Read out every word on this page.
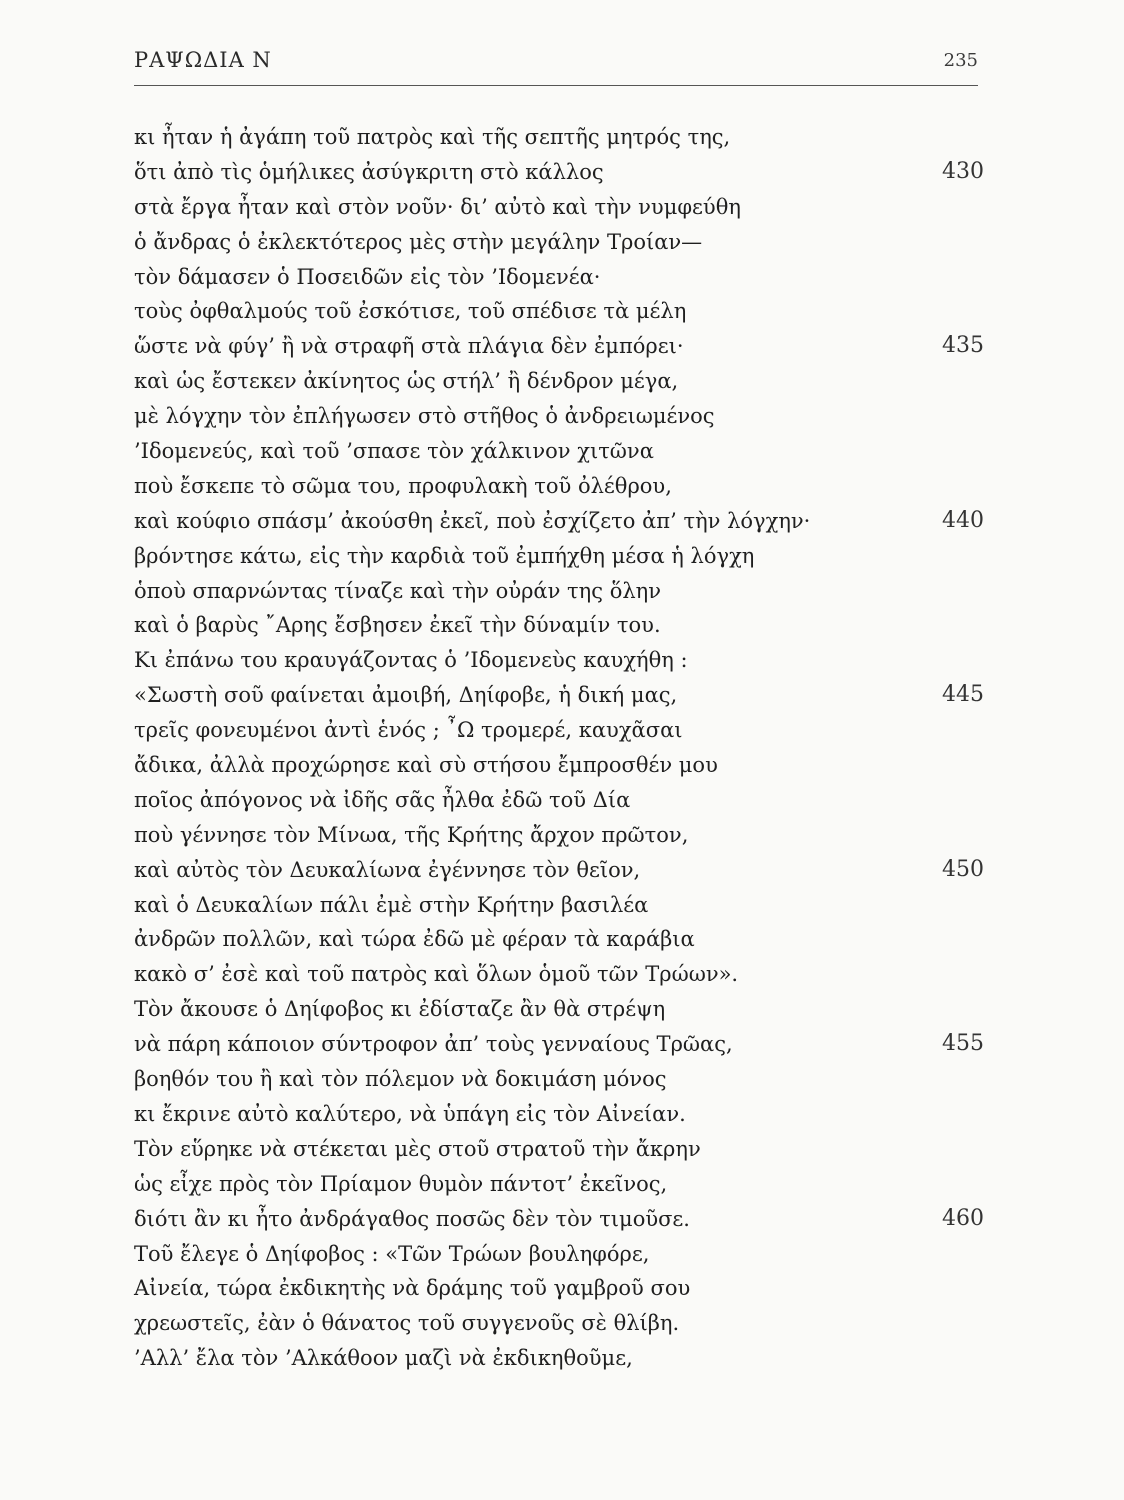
ΡΑΨΩΔΙΑ Ν	235
κι ἦταν ἡ ἀγάπη τοῦ πατρὸς καὶ τῆς σεπτῆς μητρός της,
ὅτι ἀπὸ τὶς ὁμήλικες ἀσύγκριτη στὸ κάλλος	430
στὰ ἔργα ἦταν καὶ στὸν νοῦν· δι’ αὐτὸ καὶ τὴν νυμφεύθη
ὁ ἄνδρας ὁ ἐκλεκτότερος μὲς στὴν μεγάλην Τροίαν—
τὸν δάμασεν ὁ Ποσειδῶν εἰς τὸν ’Ιδομενέα·
τοὺς ὀφθαλμούς τοῦ ἐσκότισε, τοῦ σπέδισε τὰ μέλη
ὥστε νὰ φύγ’ ἢ νὰ στραφῆ στὰ πλάγια δὲν ἐμπόρει·	435
καὶ ὡς ἔστεκεν ἀκίνητος ὡς στήλ’ ἢ δένδρον μέγα,
μὲ λόγχην τὸν ἐπλήγωσεν στὸ στῆθος ὁ ἀνδρειωμένος
’Ιδομενεύς, καὶ τοῦ ’σπασε τὸν χάλκινον χιτῶνα
ποὺ ἔσκεπε τὸ σῶμα του, προφυλακὴ τοῦ ὀλέθρου,
καὶ κούφιο σπάσμ’ ἀκούσθη ἐκεῖ, ποὺ ἐσχίζετο ἀπ’ τὴν λόγχην·	440
βρόντησε κάτω, εἰς τὴν καρδιὰ τοῦ ἐμπήχθη μέσα ἡ λόγχη
ὁποὺ σπαρνώντας τίναζε καὶ τὴν οὐράν της ὅλην
καὶ ὁ βαρὺς ῎Αρης ἔσβησεν ἐκεῖ τὴν δύναμίν του.
Κι ἐπάνω του κραυγάζοντας ὁ ’Ιδομενεὺς καυχήθη :
«Σωστὴ σοῦ φαίνεται ἀμοιβή, Δηίφοβε, ἡ δική μας,	445
τρεῖς φονευμένοι ἀντὶ ἑνός ; ῏Ω τρομερέ, καυχᾶσαι
ἄδικα, ἀλλὰ προχώρησε καὶ σὺ στήσου ἔμπροσθέν μου
ποῖος ἀπόγονος νὰ ἰδῆς σᾶς ἦλθα ἐδῶ τοῦ Δία
ποὺ γέννησε τὸν Μίνωα, τῆς Κρήτης ἄρχον πρῶτον,
καὶ αὐτὸς τὸν Δευκαλίωνα ἐγέννησε τὸν θεῖον,	450
καὶ ὁ Δευκαλίων πάλι ἐμὲ στὴν Κρήτην βασιλέα
ἀνδρῶν πολλῶν, καὶ τώρα ἐδῶ μὲ φέραν τὰ καράβια
κακὸ σ’ ἐσὲ καὶ τοῦ πατρὸς καὶ ὅλων ὁμοῦ τῶν Τρώων».
Τὸν ἄκουσε ὁ Δηίφοβος κι ἐδίσταζε ἂν θὰ στρέψη
νὰ πάρη κάποιον σύντροφον ἀπ’ τοὺς γενναίους Τρῶας,	455
βοηθόν του ἢ καὶ τὸν πόλεμον νὰ δοκιμάση μόνος
κι ἔκρινε αὐτὸ καλύτερο, νὰ ὑπάγη εἰς τὸν Αἰνείαν.
Τὸν εὕρηκε νὰ στέκεται μὲς στοῦ στρατοῦ τὴν ἄκρην
ὡς εἶχε πρὸς τὸν Πρίαμον θυμὸν πάντοτ’ ἐκεῖνος,
διότι ἂν κι ἦτο ἀνδράγαθος ποσῶς δὲν τὸν τιμοῦσε.	460
Τοῦ ἔλεγε ὁ Δηίφοβος : «Τῶν Τρώων βουληφόρε,
Αἰνεία, τώρα ἐκδικητὴς νὰ δράμης τοῦ γαμβροῦ σου
χρεωστεῖς, ἐὰν ὁ θάνατος τοῦ συγγενοῦς σὲ θλίβη.
’Αλλ’ ἔλα τὸν ’Αλκάθοον μαζὶ νὰ ἐκδικηθοῦμε,
